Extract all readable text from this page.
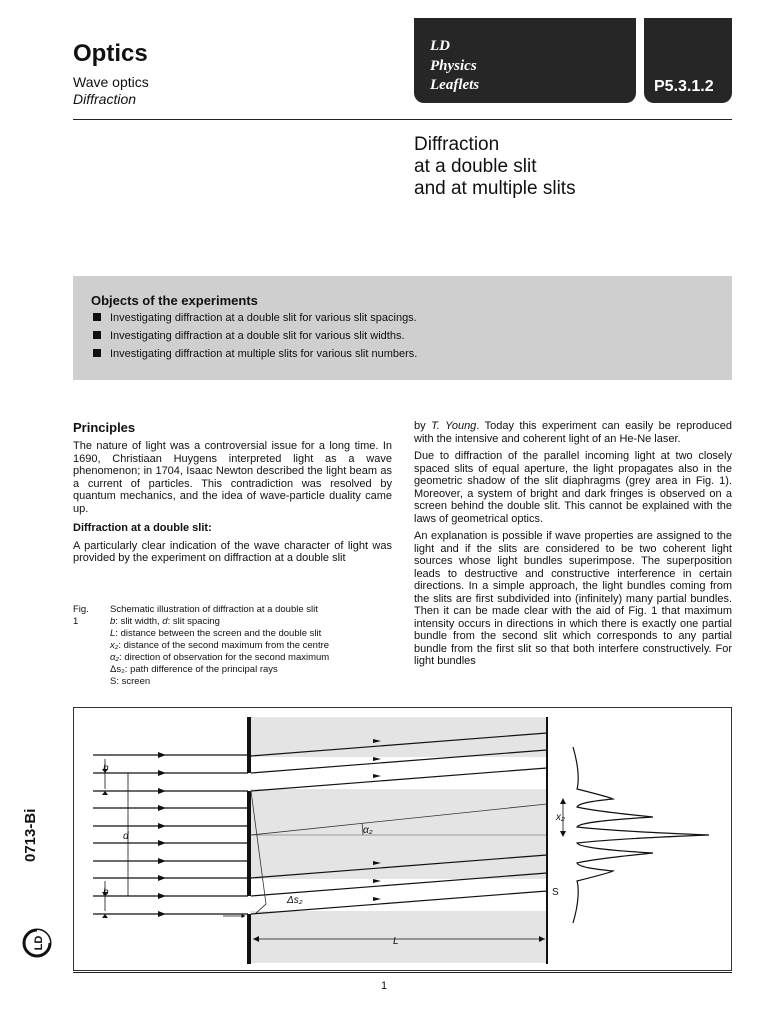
Optics
Wave optics
Diffraction
LD
Physics
Leaflets	P5.3.1.2
Diffraction
at a double slit
and at multiple slits
Objects of the experiments
Investigating diffraction at a double slit for various slit spacings.
Investigating diffraction at a double slit for various slit widths.
Investigating diffraction at multiple slits for various slit numbers.
Principles

The nature of light was a controversial issue for a long time. In 1690, Christiaan Huygens interpreted light as a wave phenomenon; in 1704, Isaac Newton described the light beam as a current of particles. This contradiction was resolved by quantum mechanics, and the idea of wave-particle duality came up.

Diffraction at a double slit:

A particularly clear indication of the wave character of light was provided by the experiment on diffraction at a double slit

by T. Young. Today this experiment can easily be reproduced with the intensive and coherent light of an He-Ne laser.

Due to diffraction of the parallel incoming light at two closely spaced slits of equal aperture, the light propagates also in the geometric shadow of the slit diaphragms (grey area in Fig. 1). Moreover, a system of bright and dark fringes is observed on a screen behind the double slit. This cannot be explained with the laws of geometrical optics.

An explanation is possible if wave properties are assigned to the light and if the slits are considered to be two coherent light sources whose light bundles superimpose. The superposition leads to destructive and constructive interference in certain directions. In a simple approach, the light bundles coming from the slits are first subdivided into (infinitely) many partial bundles. Then it can be made clear with the aid of Fig. 1 that maximum intensity occurs in directions in which there is exactly one partial bundle from the second slit which corresponds to any partial bundle from the first slit so that both interfere constructively. For light bundles

Fig. 1
Schematic illustration of diffraction at a double slit
b: slit width, d: slit spacing
L: distance between the screen and the double slit
x₂: distance of the second maximum from the centre
α₂: direction of observation for the second maximum
Δs₂: path difference of the principal rays
S: screen
b
b
d
α₂
Δs₂
x₂
L
S
0713-Bi
LD
1
